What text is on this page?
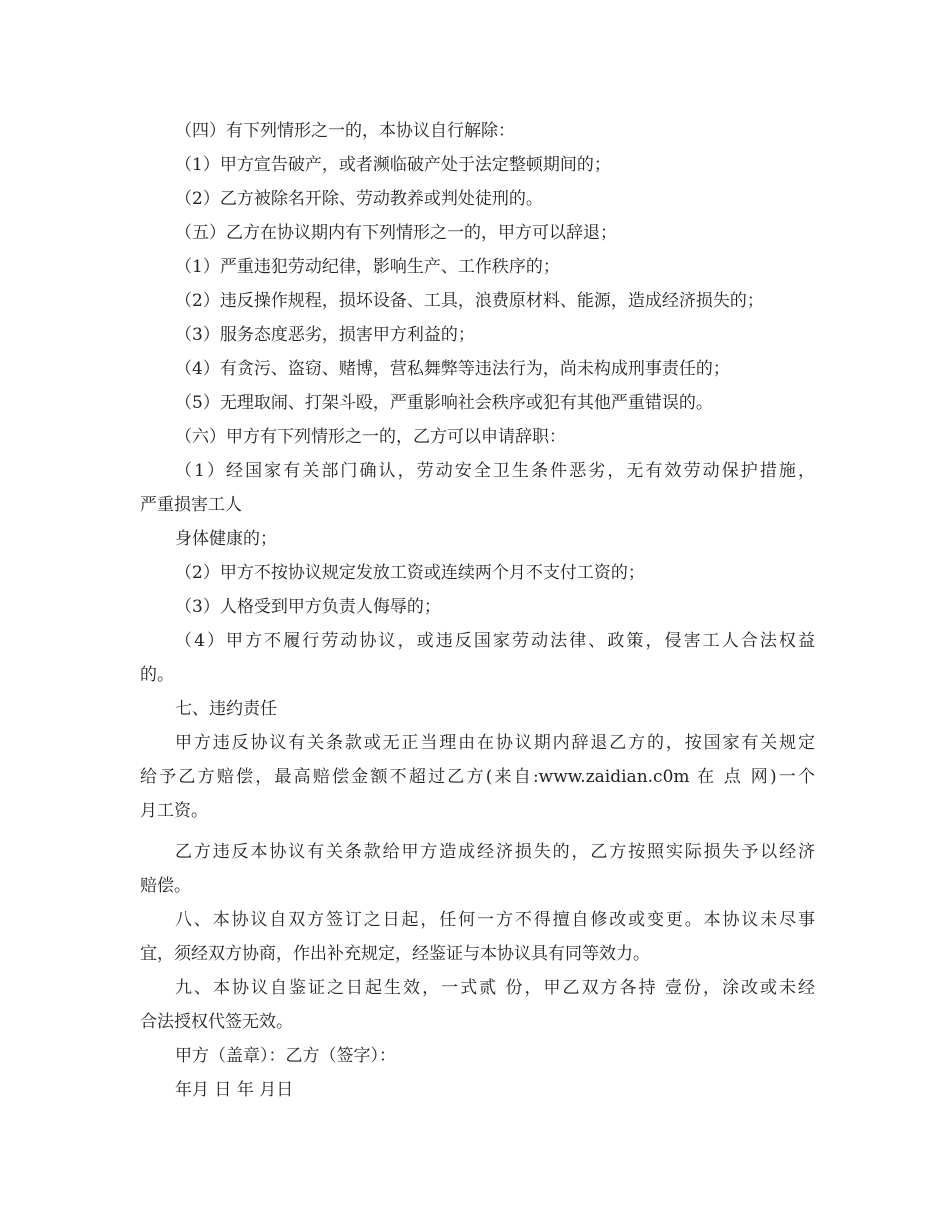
（四）有下列情形之一的，本协议自行解除：
（1）甲方宣告破产，或者濒临破产处于法定整顿期间的；
（2）乙方被除名开除、劳动教养或判处徒刑的。
（五）乙方在协议期内有下列情形之一的，甲方可以辞退；
（1）严重违犯劳动纪律，影响生产、工作秩序的；
（2）违反操作规程，损坏设备、工具，浪费原材料、能源，造成经济损失的；
（3）服务态度恶劣，损害甲方利益的；
（4）有贪污、盗窃、赌博，营私舞弊等违法行为，尚未构成刑事责任的；
（5）无理取闹、打架斗殴，严重影响社会秩序或犯有其他严重错误的。
（六）甲方有下列情形之一的，乙方可以申请辞职：
（1）经国家有关部门确认，劳动安全卫生条件恶劣，无有效劳动保护措施，
严重损害工人
身体健康的；
（2）甲方不按协议规定发放工资或连续两个月不支付工资的；
（3）人格受到甲方负责人侮辱的；
（4）甲方不履行劳动协议，或违反国家劳动法律、政策，侵害工人合法权益
的。
七、违约责任
甲方违反协议有关条款或无正当理由在协议期内辞退乙方的，按国家有关规定
给予乙方赔偿，最高赔偿金额不超过乙方(来自:www.zaidian.c0m 在 点 网)一个
月工资。
乙方违反本协议有关条款给甲方造成经济损失的，乙方按照实际损失予以经济
赔偿。
八、本协议自双方签订之日起，任何一方不得擅自修改或变更。本协议未尽事
宜，须经双方协商，作出补充规定，经鉴证与本协议具有同等效力。
九、本协议自鉴证之日起生效，一式贰 份，甲乙双方各持 壹份，涂改或未经
合法授权代签无效。
甲方（盖章）：乙方（签字）：
年月 日 年 月日
